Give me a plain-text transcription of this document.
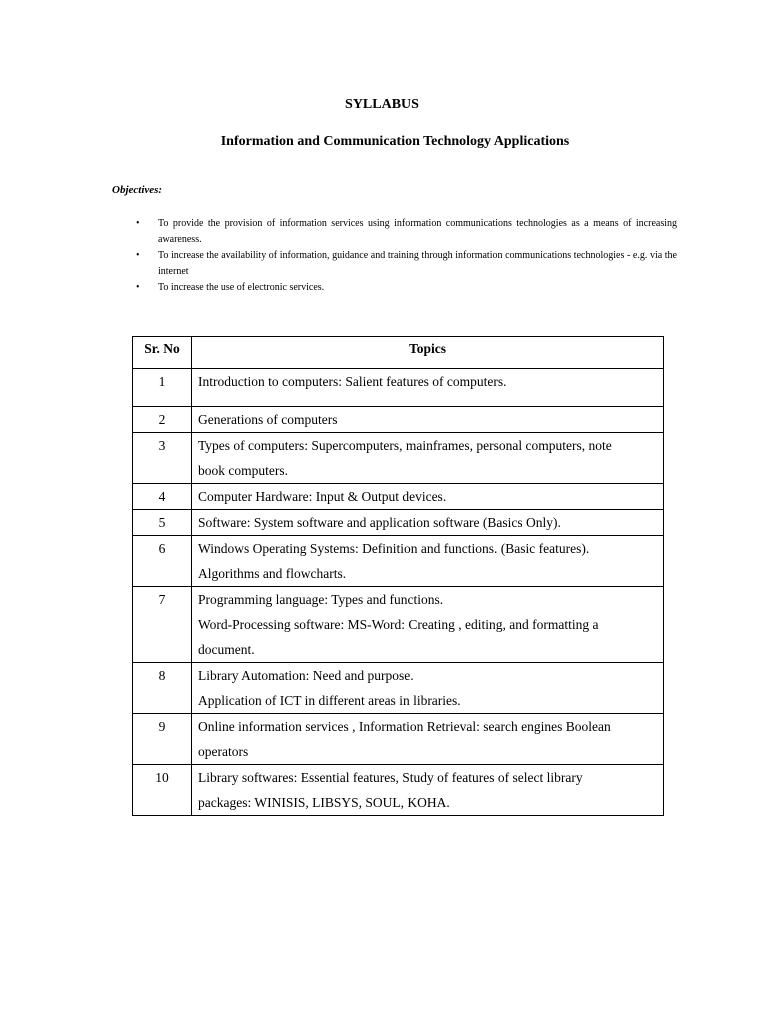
SYLLABUS
Information and Communication Technology Applications
Objectives:
• To provide the provision of information services using information communications technologies as a means of increasing awareness.
• To increase the availability of information, guidance and training through information communications technologies - e.g. via the internet
• To increase the use of electronic services.
Sr. No	Topics
1	Introduction to computers: Salient features of computers.

2	Generations of computers

3	Types of computers: Supercomputers, mainframes, personal computers, note
book computers.

4	Computer Hardware: Input & Output devices.

5	Software: System software and application software (Basics Only).

6	Windows Operating Systems: Definition and functions. (Basic features).
Algorithms and flowcharts.

7	Programming language: Types and functions.
Word-Processing software: MS-Word: Creating , editing, and formatting a
document.

8	Library Automation: Need and purpose.
Application of ICT in different areas in libraries.

9	Online information services , Information Retrieval: search engines Boolean
operators

10	Library softwares: Essential features, Study of features of select library
packages: WINISIS, LIBSYS, SOUL, KOHA.
